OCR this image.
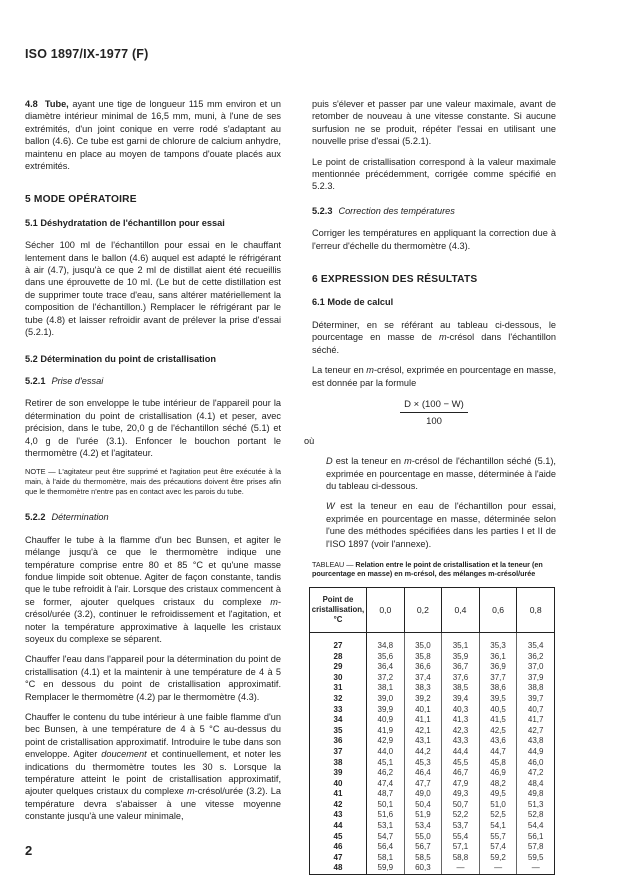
ISO 1897/IX-1977 (F)

4.8 Tube, ayant une tige de longueur 115 mm environ et un diamètre intérieur minimal de 16,5 mm, muni, à l'une de ses extrémités, d'un joint conique en verre rodé s'adaptant au ballon (4.6). Ce tube est garni de chlorure de calcium anhydre, maintenu en place au moyen de tampons d'ouate placés aux extrémités.

5 MODE OPÉRATOIRE
5.1 Déshydratation de l'échantillon pour essai

Sécher 100 ml de l'échantillon pour essai en le chauffant lentement dans le ballon (4.6) auquel est adapté le réfrigérant à air (4.7), jusqu'à ce que 2 ml de distillat aient été recueillis dans une éprouvette de 10 ml. (Le but de cette distillation est de supprimer toute trace d'eau, sans altérer matériellement la composition de l'échantillon.) Remplacer le réfrigérant par le tube (4.8) et laisser refroidir avant de prélever la prise d'essai (5.2.1).

5.2 Détermination du point de cristallisation
5.2.1 Prise d'essai

Retirer de son enveloppe le tube intérieur de l'appareil pour la détermination du point de cristallisation (4.1) et peser, avec précision, dans le tube, 20,0 g de l'échantillon séché (5.1) et 4,0 g de l'urée (3.1). Enfoncer le bouchon portant le thermomètre (4.2) et l'agitateur.

NOTE — L'agitateur peut être supprimé et l'agitation peut être exécutée à la main, à l'aide du thermomètre, mais des précautions doivent être prises afin que le thermomètre n'entre pas en contact avec les parois du tube.

5.2.2 Détermination

Chauffer le tube à la flamme d'un bec Bunsen, et agiter le mélange jusqu'à ce que le thermomètre indique une température comprise entre 80 et 85 °C et qu'une masse fondue limpide soit obtenue. Agiter de façon constante, tandis que le tube refroidit à l'air. Lorsque des cristaux commencent à se former, ajouter quelques cristaux du complexe m-crésol/urée (3.2), continuer le refroidissement et l'agitation, et noter la température approximative à laquelle les cristaux soyeux du complexe se séparent.

Chauffer l'eau dans l'appareil pour la détermination du point de cristallisation (4.1) et la maintenir à une température de 4 à 5 °C en dessous du point de cristallisation approximatif. Remplacer le thermomètre (4.2) par le thermomètre (4.3).

Chauffer le contenu du tube intérieur à une faible flamme d'un bec Bunsen, à une température de 4 à 5 °C au-dessus du point de cristallisation approximatif. Introduire le tube dans son enveloppe. Agiter doucement et continuellement, et noter les indications du thermomètre toutes les 30 s. Lorsque la température atteint le point de cristallisation approximatif, ajouter quelques cristaux du complexe m-crésol/urée (3.2). La température devra s'abaisser à une vitesse moyenne constante jusqu'à une valeur minimale,

puis s'élever et passer par une valeur maximale, avant de retomber de nouveau à une vitesse constante. Si aucune surfusion ne se produit, répéter l'essai en utilisant une nouvelle prise d'essai (5.2.1).

Le point de cristallisation correspond à la valeur maximale mentionnée précédemment, corrigée comme spécifié en 5.2.3.

5.2.3 Correction des températures

Corriger les températures en appliquant la correction due à l'erreur d'échelle du thermomètre (4.3).

6 EXPRESSION DES RÉSULTATS
6.1 Mode de calcul

Déterminer, en se référant au tableau ci-dessous, le pourcentage en masse de m-crésol dans l'échantillon séché.

La teneur en m-crésol, exprimée en pourcentage en masse, est donnée par la formule

$\frac{D \times (100 - W)}{100}$
où

D est la teneur en m-crésol de l'échantillon séché (5.1), exprimée en pourcentage en masse, déterminée à l'aide du tableau ci-dessous.

W est la teneur en eau de l'échantillon pour essai, exprimée en pourcentage en masse, déterminée selon l'une des méthodes spécifiées dans les parties I et II de l'ISO 1897 (voir l'annexe).

TABLEAU — Relation entre le point de cristallisation et la teneur (en pourcentage en masse) en m-crésol, des mélanges m-crésol/urée
Point de cristallisation, °C	0,0	0,2	0,4	0,6	0,8
27	34,8	35,0	35,1	35,3	35,4
28	35,6	35,8	35,9	36,1	36,2
29	36,4	36,6	36,7	36,9	37,0
30	37,2	37,4	37,6	37,7	37,9
31	38,1	38,3	38,5	38,6	38,8
32	39,0	39,2	39,4	39,5	39,7
33	39,9	40,1	40,3	40,5	40,7
34	40,9	41,1	41,3	41,5	41,7
35	41,9	42,1	42,3	42,5	42,7
36	42,9	43,1	43,3	43,6	43,8
37	44,0	44,2	44,4	44,7	44,9
38	45,1	45,3	45,5	45,8	46,0
39	46,2	46,4	46,7	46,9	47,2
40	47,4	47,7	47,9	48,2	48,4
41	48,7	49,0	49,3	49,5	49,8
42	50,1	50,4	50,7	51,0	51,3
43	51,6	51,9	52,2	52,5	52,8
44	53,1	53,4	53,7	54,1	54,4
45	54,7	55,0	55,4	55,7	56,1
46	56,4	56,7	57,1	57,4	57,8
47	58,1	58,5	58,8	59,2	59,5
48	59,9	60,3	—	—	—
2
